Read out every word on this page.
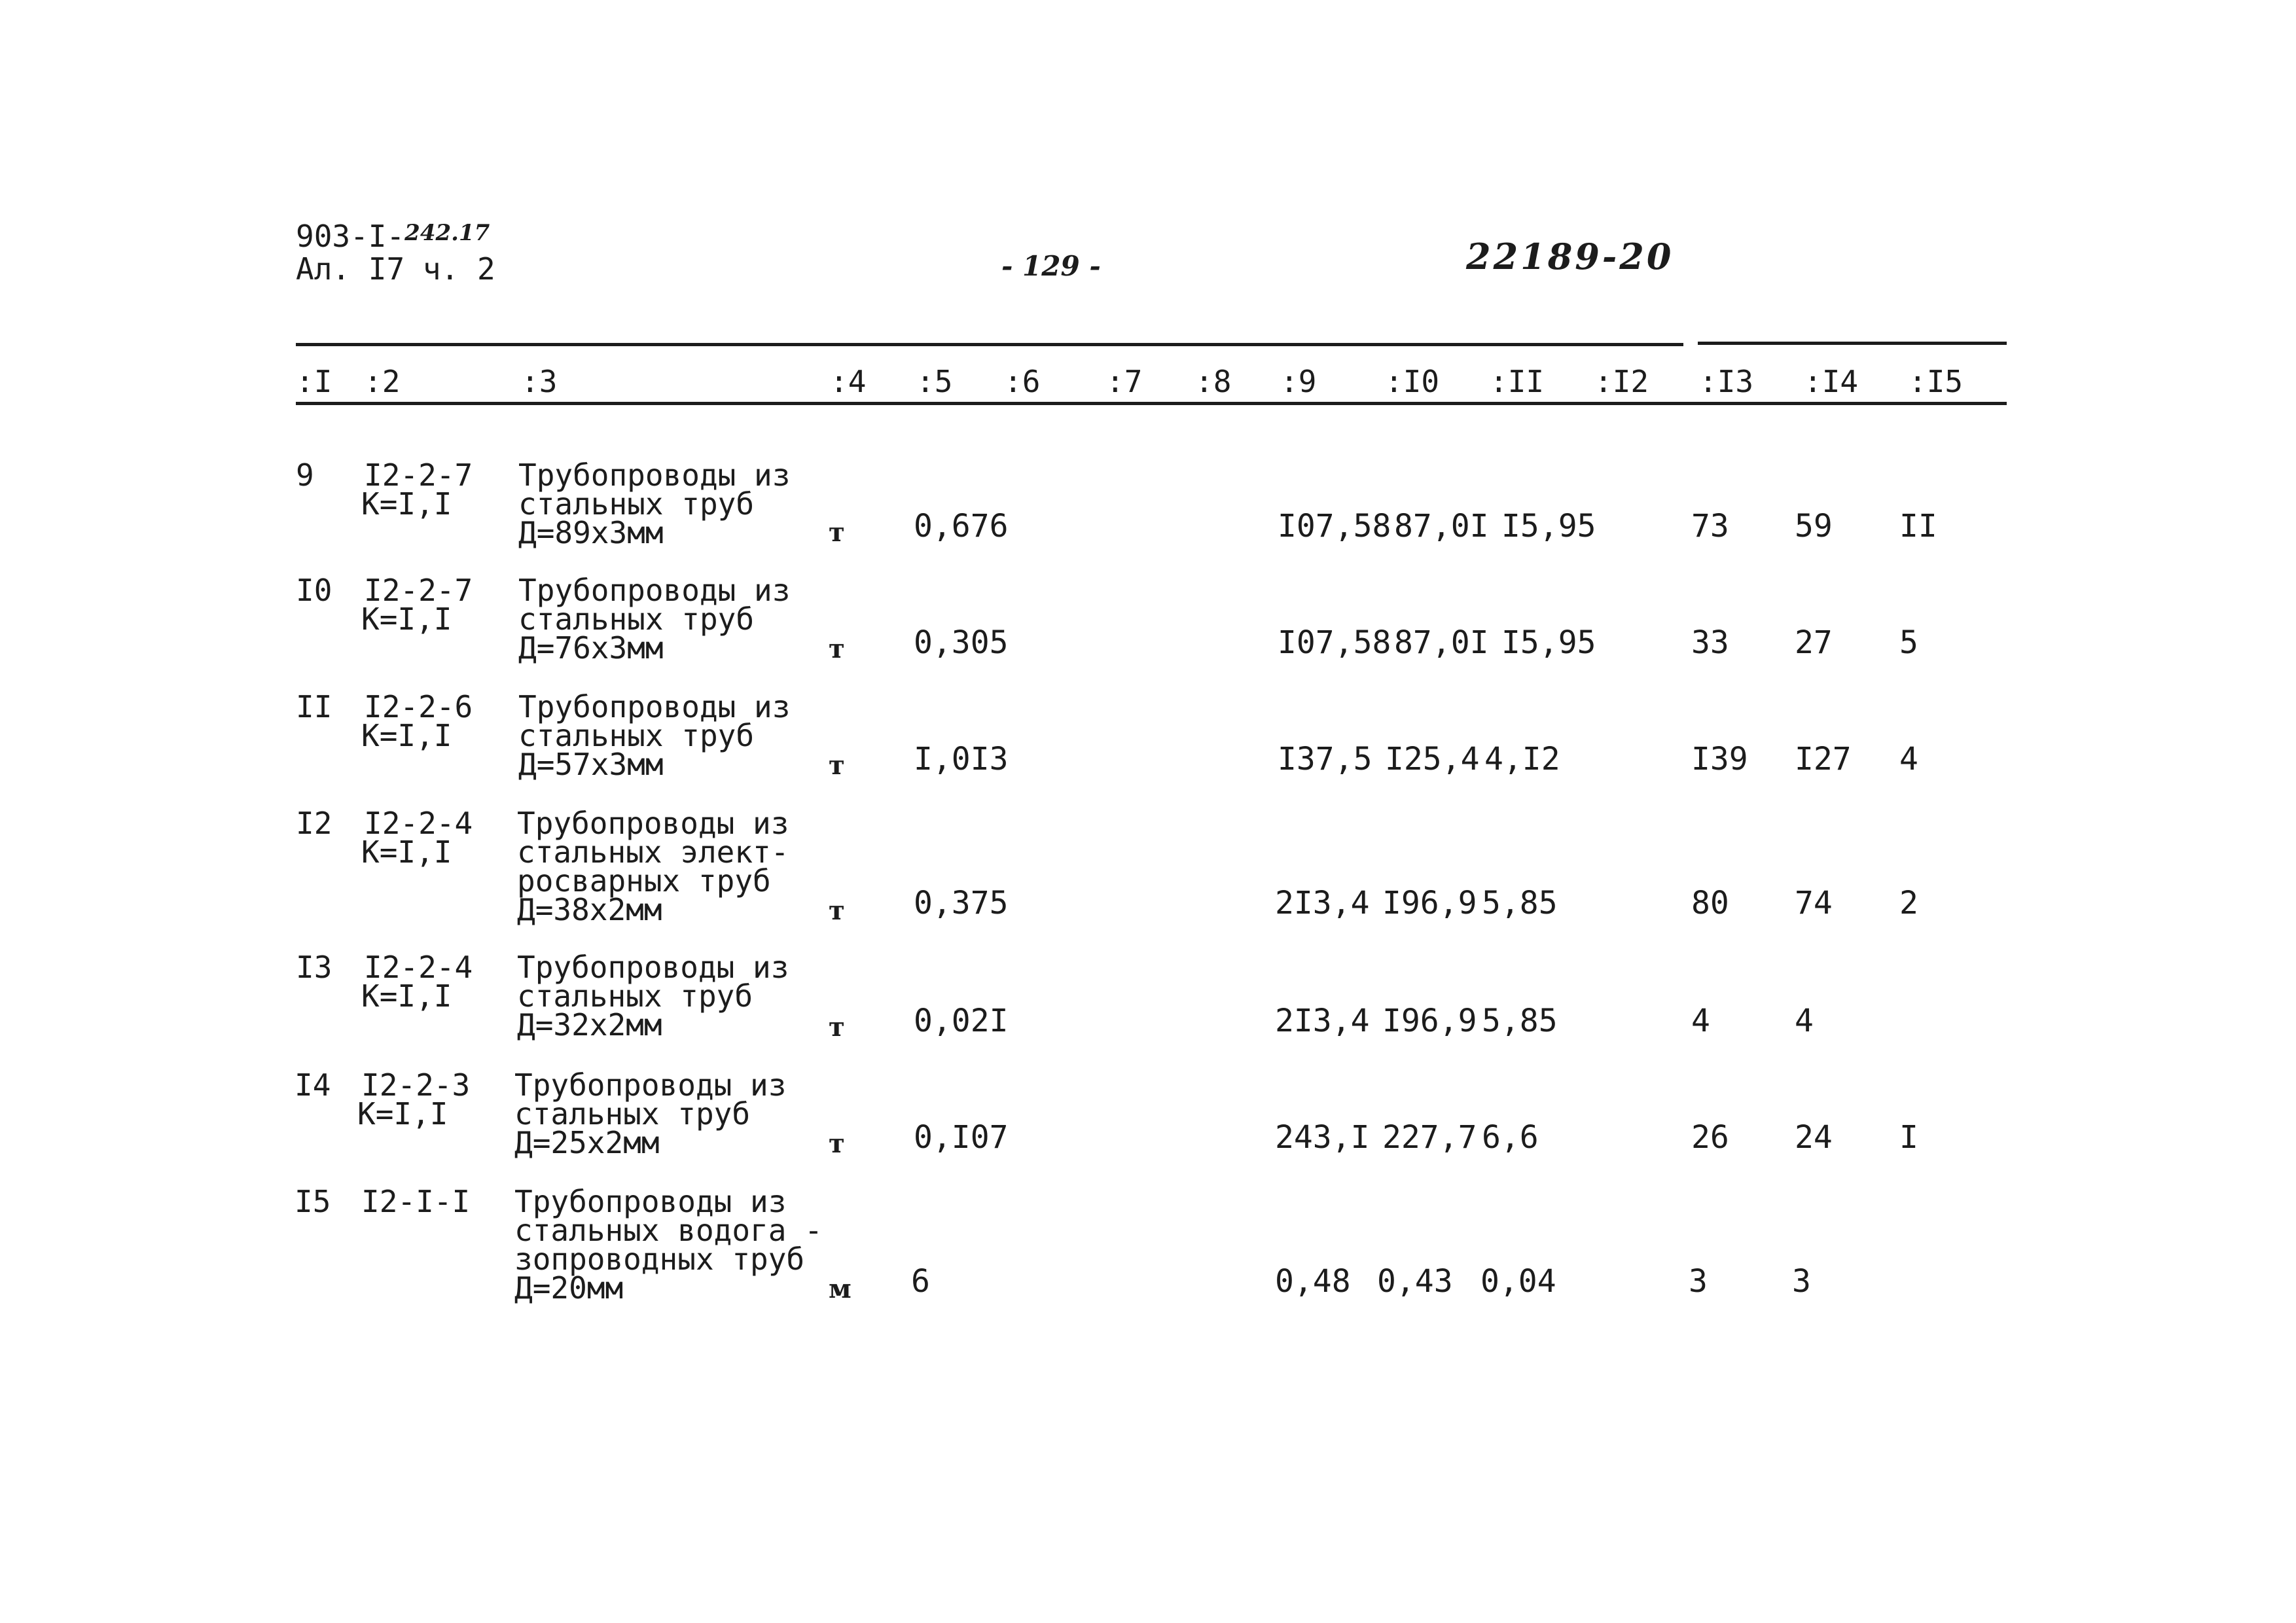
903-I-$^{242.17}$
Ал. I7 ч. 2	- 129 -	22189-20
:I :2	:3	:4 :5 :6 :7 :8 :9 :I0 :II :I2 :I3 :I4 :I5
9 I2-2-7
К=I,I
Трубопроводы из
стальных труб
Д=89х3мм	т 0,676	I07,58 87,0I I5,95	73 59 II
I0 I2-2-7
К=I,I
Трубопроводы из
стальных труб
Д=76х3мм	т 0,305	I07,58 87,0I I5,95	33 27 5
II I2-2-6
К=I,I
Трубопроводы из
стальных труб
Д=57х3мм	т I,0I3	I37,5 I25,4 4,I2	I39 I27 4
I2 I2-2-4
К=I,I
Трубопроводы из
стальных элект-
росварных труб
Д=38х2мм	т 0,375	2I3,4 I96,9 5,85	80 74 2
I3 I2-2-4
К=I,I
Трубопроводы из
стальных труб
Д=32х2мм	т 0,02I	2I3,4 I96,9 5,85	4	4
I4 I2-2-3
К=I,I
Трубопроводы из
стальных труб
Д=25х2мм	т 0,I07	243,I 227,7 6,6	26 24 I
I5 I2-I-I Трубопроводы из
стальных водога -
зопроводных труб
Д=20мм	м 6	0,48 0,43 0,04	3	3
